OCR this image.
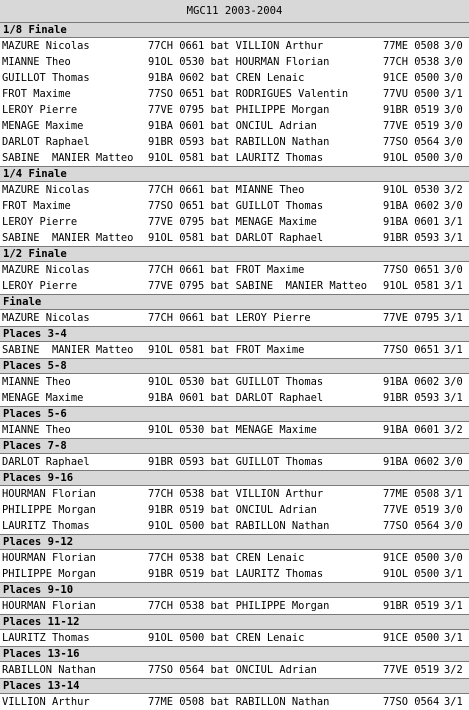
MGC11 2003-2004
1/8 Finale
MAZURE Nicolas	77CH 0661 bat VILLION Arthur	77ME 0508 3/0
MIANNE Theo	91OL 0530 bat HOURMAN Florian	77CH 0538 3/0
GUILLOT Thomas	91BA 0602 bat CREN Lenaic	91CE 0500 3/0
FROT Maxime	77SO 0651 bat RODRIGUES Valentin	77VU 0500 3/1
LEROY Pierre	77VE 0795 bat PHILIPPE Morgan	91BR 0519 3/0
MENAGE Maxime	91BA 0601 bat ONCIUL Adrian	77VE 0519 3/0
DARLOT Raphael	91BR 0593 bat RABILLON Nathan	77SO 0564 3/0
SABINE  MANIER Matteo 91OL 0581 bat LAURITZ Thomas	91OL 0500 3/0
1/4 Finale
MAZURE Nicolas	77CH 0661 bat MIANNE Theo	91OL 0530 3/2
FROT Maxime	77SO 0651 bat GUILLOT Thomas	91BA 0602 3/0
LEROY Pierre	77VE 0795 bat MENAGE Maxime	91BA 0601 3/1
SABINE  MANIER Matteo 91OL 0581 bat DARLOT Raphael	91BR 0593 3/1
1/2 Finale
MAZURE Nicolas	77CH 0661 bat FROT Maxime	77SO 0651 3/0
LEROY Pierre	77VE 0795 bat SABINE  MANIER Matteo 91OL 0581 3/1
Finale
MAZURE Nicolas	77CH 0661 bat LEROY Pierre	77VE 0795 3/1
Places 3-4
SABINE  MANIER Matteo 91OL 0581 bat FROT Maxime	77SO 0651 3/1
Places 5-8
MIANNE Theo	91OL 0530 bat GUILLOT Thomas	91BA 0602 3/0
MENAGE Maxime	91BA 0601 bat DARLOT Raphael	91BR 0593 3/1
Places 5-6
MIANNE Theo	91OL 0530 bat MENAGE Maxime	91BA 0601 3/2
Places 7-8
DARLOT Raphael	91BR 0593 bat GUILLOT Thomas	91BA 0602 3/0
Places 9-16
HOURMAN Florian	77CH 0538 bat VILLION Arthur	77ME 0508 3/1
PHILIPPE Morgan	91BR 0519 bat ONCIUL Adrian	77VE 0519 3/0
LAURITZ Thomas	91OL 0500 bat RABILLON Nathan	77SO 0564 3/0
Places 9-12
HOURMAN Florian	77CH 0538 bat CREN Lenaic	91CE 0500 3/0
PHILIPPE Morgan	91BR 0519 bat LAURITZ Thomas	91OL 0500 3/1
Places 9-10
HOURMAN Florian	77CH 0538 bat PHILIPPE Morgan	91BR 0519 3/1
Places 11-12
LAURITZ Thomas	91OL 0500 bat CREN Lenaic	91CE 0500 3/1
Places 13-16
RABILLON Nathan	77SO 0564 bat ONCIUL Adrian	77VE 0519 3/2
Places 13-14
VILLION Arthur	77ME 0508 bat RABILLON Nathan	77SO 0564 3/1
